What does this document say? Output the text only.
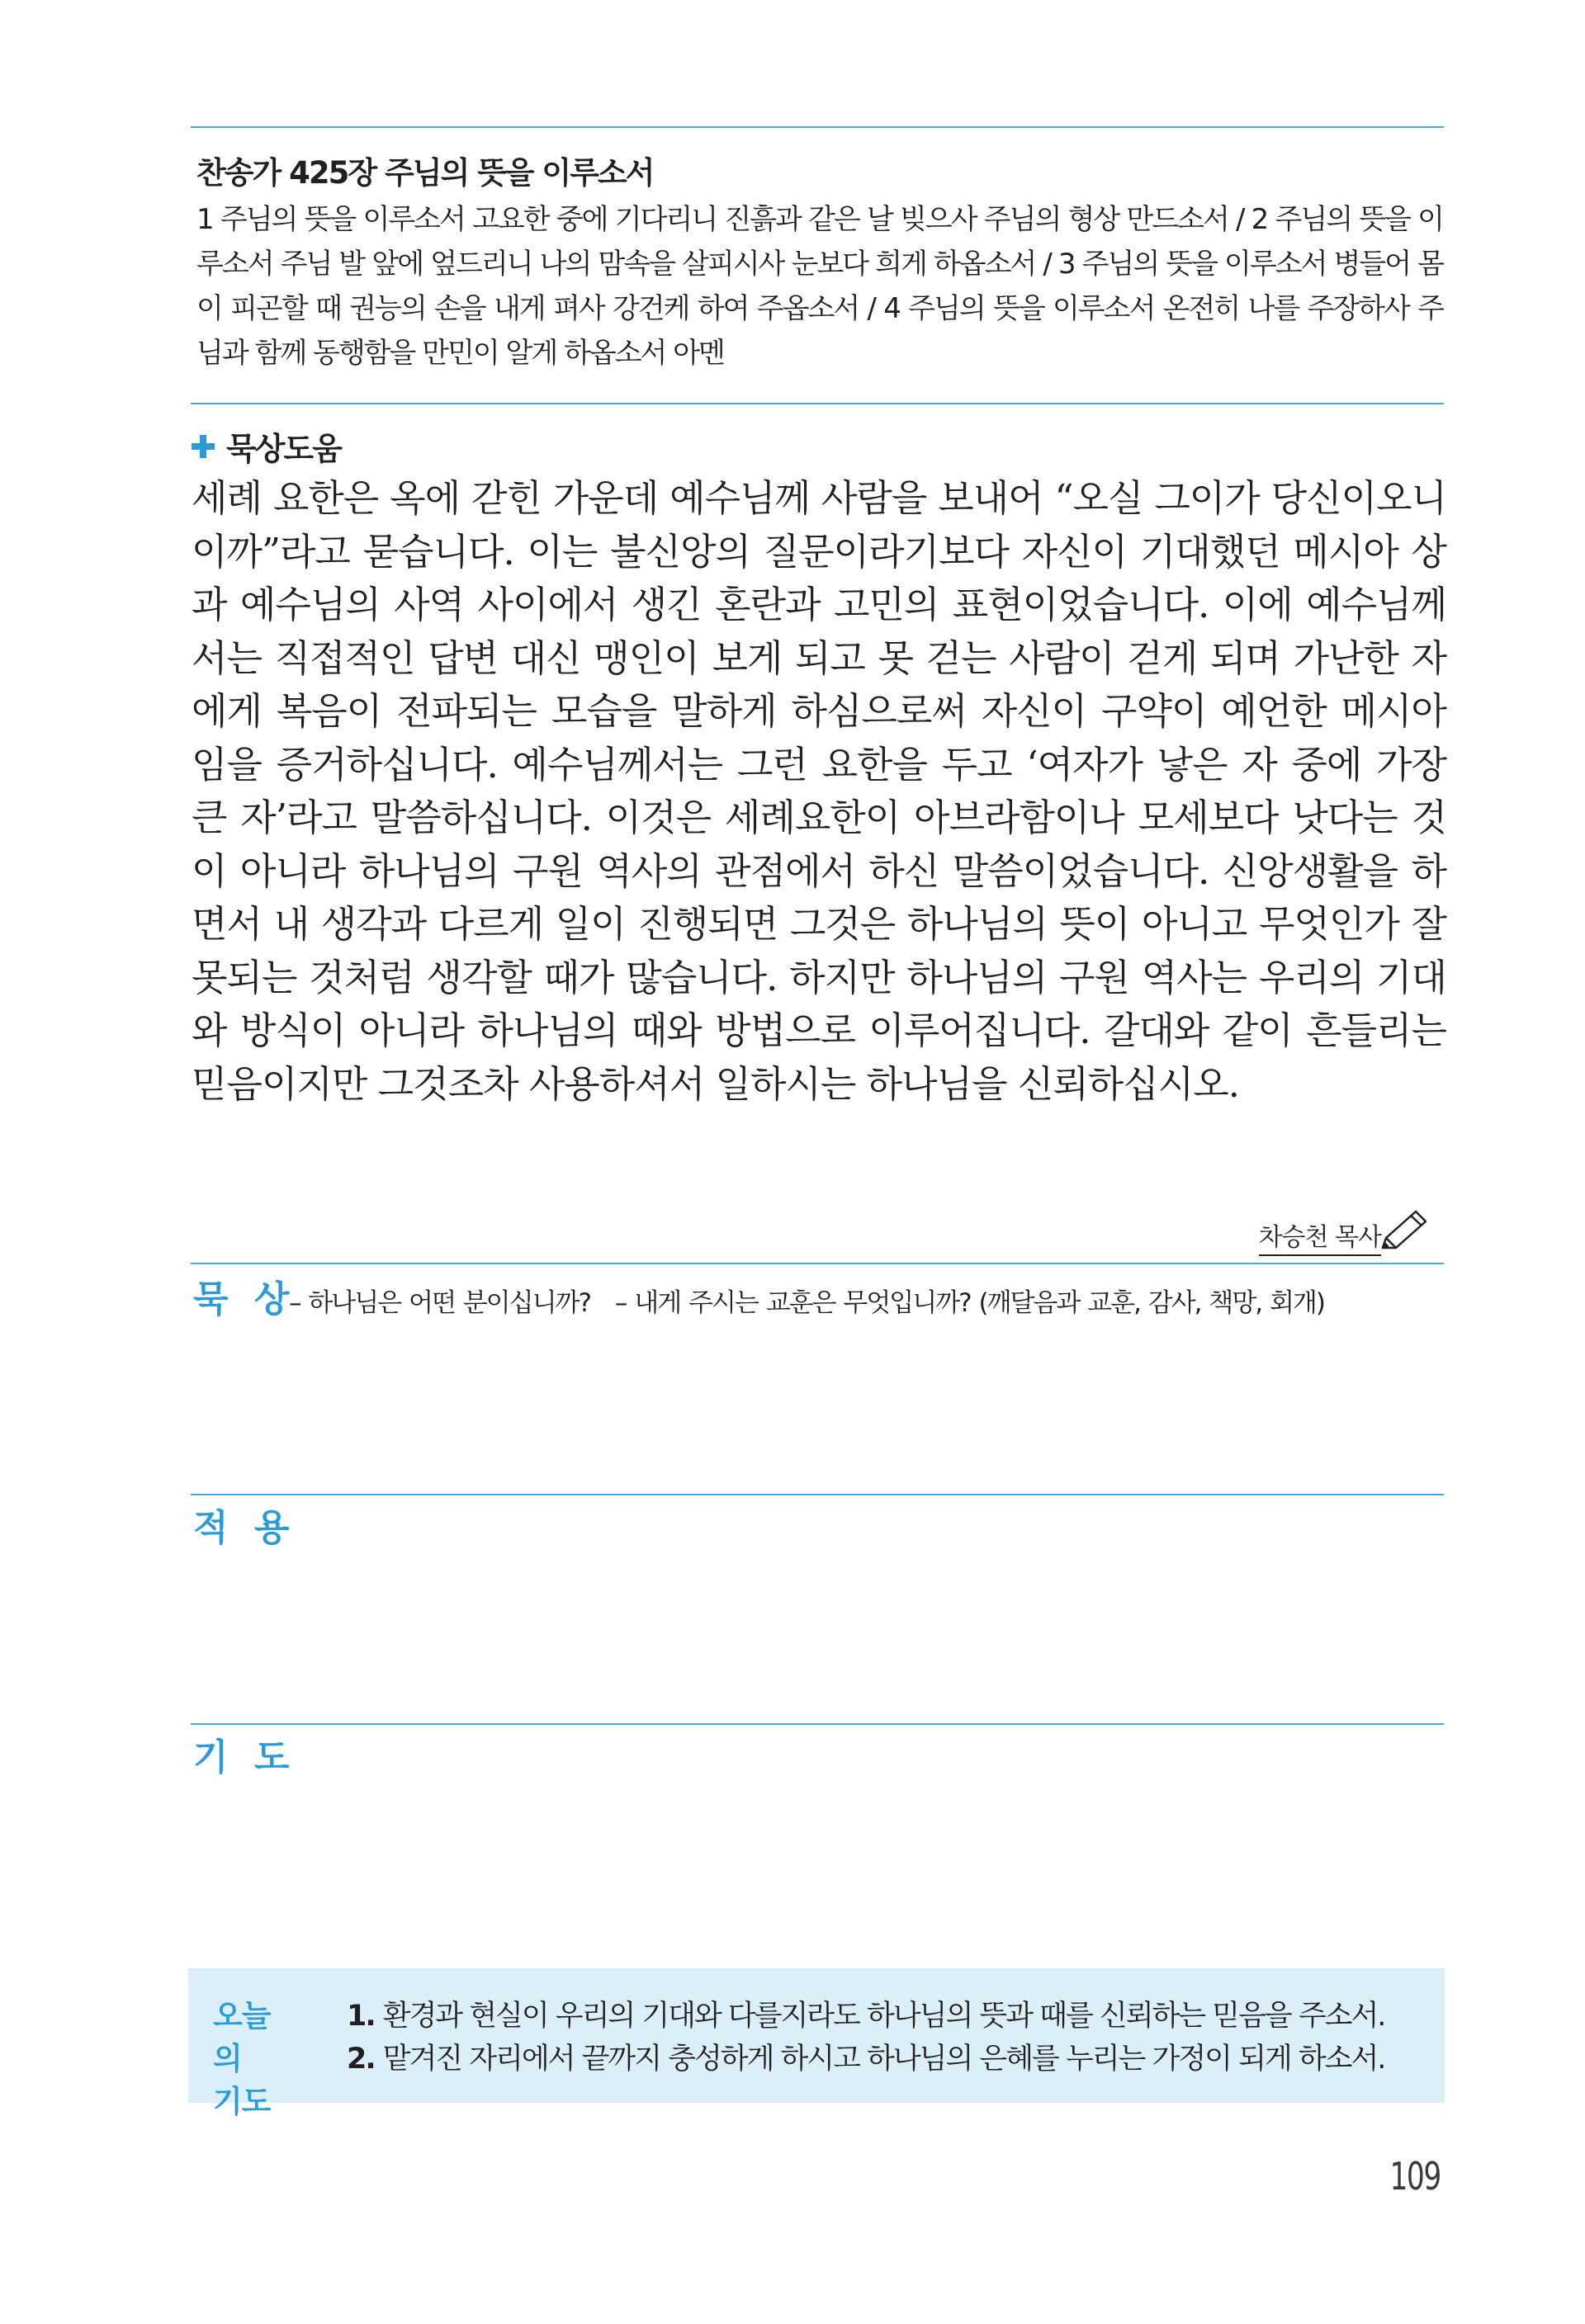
찬송가 425장 주님의 뜻을 이루소서
1 주님의 뜻을 이루소서 고요한 중에 기다리니 진흙과 같은 날 빚으사 주님의 형상 만드소서 / 2 주님의 뜻을 이루소서 주님 발 앞에 엎드리니 나의 맘속을 살피시사 눈보다 희게 하옵소서 / 3 주님의 뜻을 이루소서 병들어 몸이 피곤할 때 권능의 손을 내게 펴사 강건케 하여 주옵소서 / 4 주님의 뜻을 이루소서 온전히 나를 주장하사 주님과 함께 동행함을 만민이 알게 하옵소서 아멘
묵상도움
세례 요한은 옥에 갇힌 가운데 예수님께 사람을 보내어 “오실 그이가 당신이오니이까”라고 묻습니다. 이는 불신앙의 질문이라기보다 자신이 기대했던 메시아 상과 예수님의 사역 사이에서 생긴 혼란과 고민의 표현이었습니다. 이에 예수님께서는 직접적인 답변 대신 맹인이 보게 되고 못 걷는 사람이 걷게 되며 가난한 자에게 복음이 전파되는 모습을 말하게 하심으로써 자신이 구약이 예언한 메시아임을 증거하십니다. 예수님께서는 그런 요한을 두고 ‘여자가 낳은 자 중에 가장 큰 자’라고 말씀하십니다. 이것은 세례요한이 아브라함이나 모세보다 낫다는 것이 아니라 하나님의 구원 역사의 관점에서 하신 말씀이었습니다. 신앙생활을 하면서 내 생각과 다르게 일이 진행되면 그것은 하나님의 뜻이 아니고 무엇인가 잘못되는 것처럼 생각할 때가 많습니다. 하지만 하나님의 구원 역사는 우리의 기대와 방식이 아니라 하나님의 때와 방법으로 이루어집니다. 갈대와 같이 흔들리는 믿음이지만 그것조차 사용하셔서 일하시는 하나님을 신뢰하십시오.
차승천 목사
묵 상
– 하나님은 어떤 분이십니까? – 내게 주시는 교훈은 무엇입니까? (깨달음과 교훈, 감사, 책망, 회개)
적 용
기 도
오늘의
기도
1. 환경과 현실이 우리의 기대와 다를지라도 하나님의 뜻과 때를 신뢰하는 믿음을 주소서.
2. 맡겨진 자리에서 끝까지 충성하게 하시고 하나님의 은혜를 누리는 가정이 되게 하소서.
109
